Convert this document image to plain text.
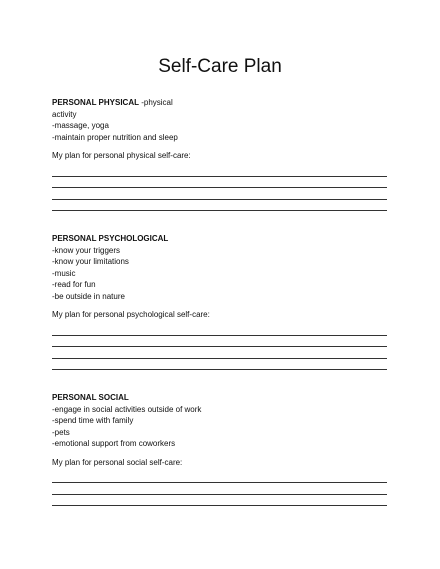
Self-Care Plan
PERSONAL PHYSICAL -physical
activity
-massage, yoga
-maintain proper nutrition and sleep
My plan for personal physical self-care:
PERSONAL PSYCHOLOGICAL
-know your triggers
-know your limitations
-music
-read for fun
-be outside in nature
My plan for personal psychological self-care:
PERSONAL SOCIAL
-engage in social activities outside of work
-spend time with family
-pets
-emotional support from coworkers
My plan for personal social self-care:
